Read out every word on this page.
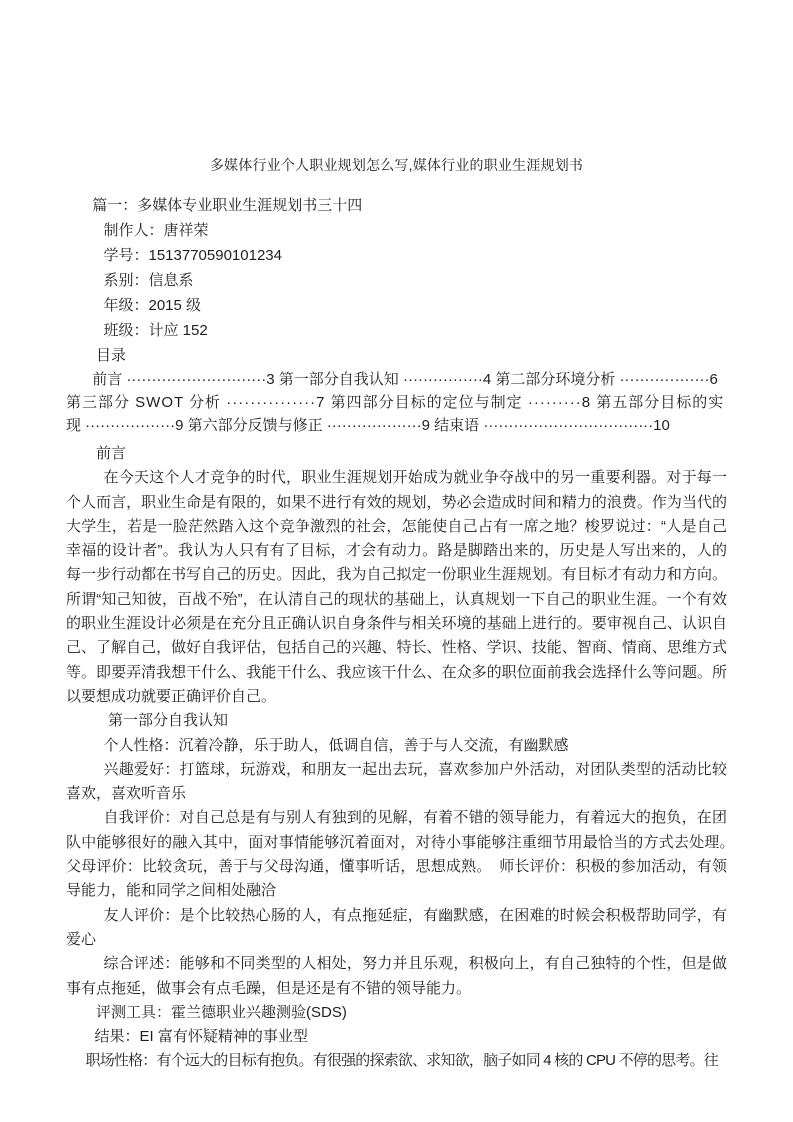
多媒体行业个人职业规划怎么写,媒体行业的职业生涯规划书
篇一：多媒体专业职业生涯规划书三十四
制作人：唐祥荣
学号：1513770590101234
系别：信息系
年级：2015 级
班级：计应 152
目录
前言 ····························3 第一部分自我认知 ················4 第二部分环境分析 ··················6
第三部分 SWOT 分析 ···············7 第四部分目标的定位与制定 ·········8 第五部分目标的实
现 ··················9 第六部分反馈与修正 ···················9 结束语 ··································10
前言
在今天这个人才竞争的时代，职业生涯规划开始成为就业争夺战中的另一重要利器。对于每一个人而言，职业生命是有限的，如果不进行有效的规划，势必会造成时间和精力的浪费。作为当代的大学生，若是一脸茫然踏入这个竞争激烈的社会，怎能使自己占有一席之地？梭罗说过：“人是自己幸福的设计者”。我认为人只有有了目标，才会有动力。路是脚踏出来的，历史是人写出来的，人的每一步行动都在书写自己的历史。因此，我为自己拟定一份职业生涯规划。有目标才有动力和方向。所谓“知己知彼，百战不殆”，在认清自己的现状的基础上，认真规划一下自己的职业生涯。一个有效的职业生涯设计必须是在充分且正确认识自身条件与相关环境的基础上进行的。要审视自己、认识自己、了解自己，做好自我评估，包括自己的兴趣、特长、性格、学识、技能、智商、情商、思维方式等。即要弄清我想干什么、我能干什么、我应该干什么、在众多的职位面前我会选择什么等问题。所以要想成功就要正确评价自己。
第一部分自我认知
个人性格：沉着冷静，乐于助人，低调自信，善于与人交流，有幽默感
兴趣爱好：打篮球，玩游戏，和朋友一起出去玩，喜欢参加户外活动，对团队类型的活动比较喜欢，喜欢听音乐
自我评价：对自己总是有与别人有独到的见解，有着不错的领导能力，有着远大的抱负，在团队中能够很好的融入其中，面对事情能够沉着面对，对待小事能够注重细节用最恰当的方式去处理。　父母评价：比较贪玩，善于与父母沟通，懂事听话，思想成熟。　师长评价：积极的参加活动，有领导能力，能和同学之间相处融洽
友人评价：是个比较热心肠的人，有点拖延症，有幽默感，在困难的时候会积极帮助同学，有爱心
综合评述：能够和不同类型的人相处，努力并且乐观，积极向上，有自己独特的个性，但是做事有点拖延，做事会有点毛躁，但是还是有不错的领导能力。
评测工具：霍兰德职业兴趣测验(SDS)
结果：EI 富有怀疑精神的事业型
职场性格：有个远大的目标有抱负。有很强的探索欲、求知欲，脑子如同 4 核的 CPU 不停的思考。往
